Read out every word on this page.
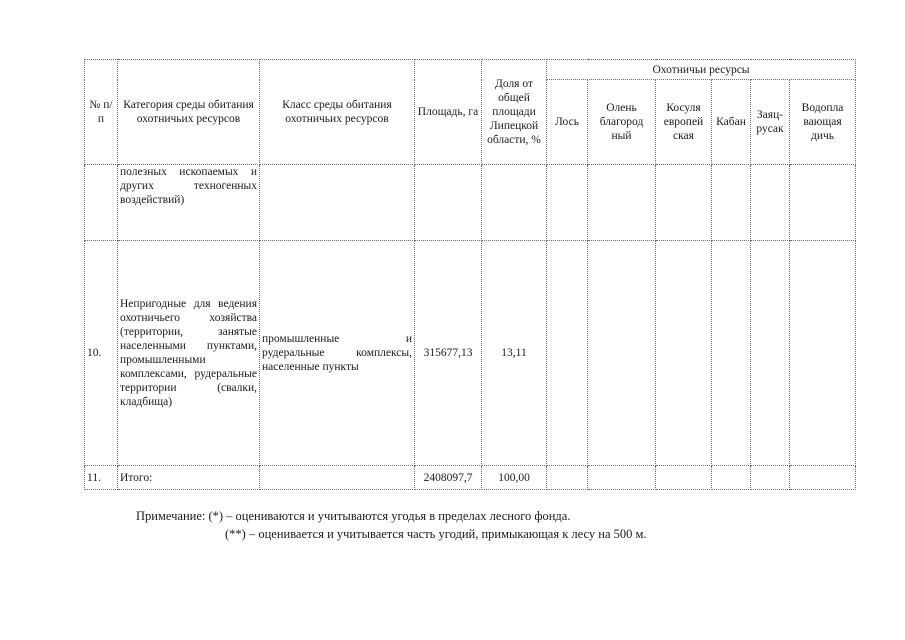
№ п/п	Категория среды обитания охотничьих ресурсов	Класс среды обитания охотничьих ресурсов	Площадь, га	Доля от общей площади Липецкой области, %	Охотничьи ресурсы					
					Лось	Олень благород ный	Косуля европей ская	Кабан	Заяц-русак	Водопла вающая дичь
	полезных ископаемых и других техногенных воздействий)									
10.	Непригодные для ведения охотничьего хозяйства (территории, занятые населенными пунктами, промышленными комплексами, рудеральные территории (свалки, кладбища)	промышленные и рудеральные комплексы, населенные пункты	315677,13	13,11						
11.	Итого:		2408097,7	100,00						
Примечание: (*) – оцениваются и учитываются угодья в пределах лесного фонда.
(**) – оценивается и учитывается часть угодий, примыкающая к лесу на 500 м.
